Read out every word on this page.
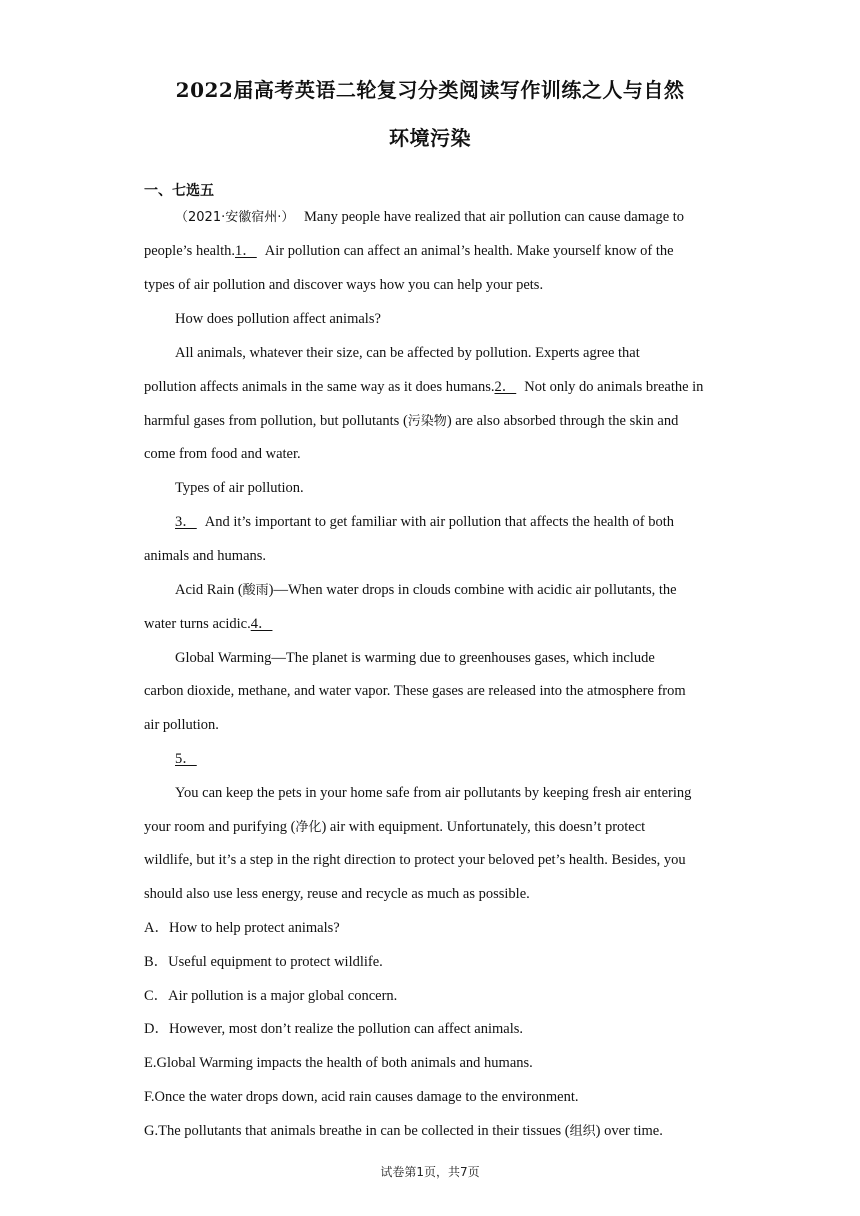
2022届高考英语二轮复习分类阅读写作训练之人与自然
环境污染
一、七选五
（2021·安徽宿州·） Many people have realized that air pollution can cause damage to
people’s health.1． Air pollution can affect an animal’s health. Make yourself know of the
types of air pollution and discover ways how you can help your pets.
How does pollution affect animals?
All animals, whatever their size, can be affected by pollution. Experts agree that
pollution affects animals in the same way as it does humans.2． Not only do animals breathe in
harmful gases from pollution, but pollutants (污染物) are also absorbed through the skin and
come from food and water.
Types of air pollution.
3． And it’s important to get familiar with air pollution that affects the health of both
animals and humans.
Acid Rain (酸雨)—When water drops in clouds combine with acidic air pollutants, the
water turns acidic.4．
Global Warming—The planet is warming due to greenhouses gases, which include
carbon dioxide, methane, and water vapor. These gases are released into the atmosphere from
air pollution.
5．
You can keep the pets in your home safe from air pollutants by keeping fresh air entering
your room and purifying (净化) air with equipment. Unfortunately, this doesn’t protect
wildlife, but it’s a step in the right direction to protect your beloved pet’s health. Besides, you
should also use less energy, reuse and recycle as much as possible.
A．How to help protect animals?
B．Useful equipment to protect wildlife.
C．Air pollution is a major global concern.
D．However, most don’t realize the pollution can affect animals.
E.Global Warming impacts the health of both animals and humans.
F.Once the water drops down, acid rain causes damage to the environment.
G.The pollutants that animals breathe in can be collected in their tissues (组织) over time.
试卷第1页，共7页
